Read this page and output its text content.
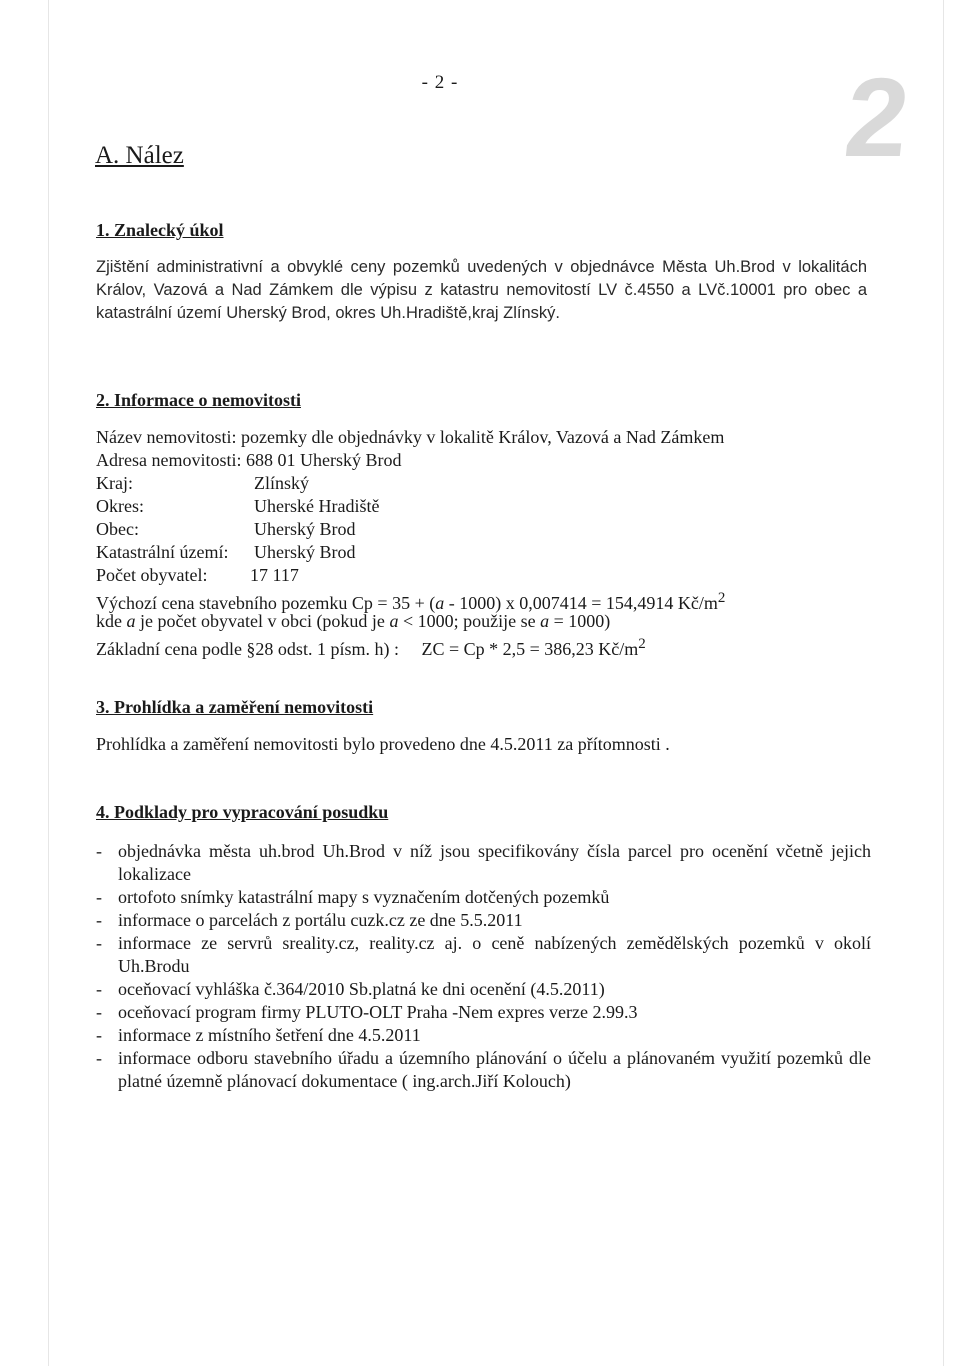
- 2 -	2
A. Nález
1. Znalecký úkol
Zjištění administrativní a obvyklé ceny pozemků uvedených v objednávce Města Uh.Brod v lokalitách Králov, Vazová a Nad Zámkem dle výpisu z katastru nemovitostí LV č.4550 a LVč.10001 pro obec a katastrální území Uherský Brod, okres Uh.Hradiště,kraj Zlínský.
2. Informace o nemovitosti
Název nemovitosti: pozemky dle objednávky v lokalitě Králov, Vazová a Nad Zámkem
Adresa nemovitosti: 688 01 Uherský Brod
Kraj:	Zlínský
Okres:	Uherské Hradiště
Obec:	Uherský Brod
Katastrální území: Uherský Brod
Počet obyvatel: 17 117
Výchozí cena stavebního pozemku Cp = 35 + (a - 1000) x 0,007414 = 154,4914 $Kč/m^2$
kde a je počet obyvatel v obci (pokud je a < 1000; použije se a = 1000)
Základní cena podle §28 odst. 1 písm. h) : ZC = Cp * 2,5 = 386,23 $Kč/m^2$
3. Prohlídka a zaměření nemovitosti
Prohlídka a zaměření nemovitosti bylo provedeno dne 4.5.2011 za přítomnosti .
4. Podklady pro vypracování posudku
- objednávka města uh.brod Uh.Brod v níž jsou specifikovány čísla parcel pro ocenění včetně jejich lokalizace
- ortofoto snímky katastrální mapy s vyznačením dotčených pozemků
- informace o parcelách z portálu cuzk.cz ze dne 5.5.2011
- informace ze servrů sreality.cz, reality.cz aj. o ceně nabízených zemědělských pozemků v okolí Uh.Brodu
- oceňovací vyhláška č.364/2010 Sb.platná ke dni ocenění (4.5.2011)
- oceňovací program firmy PLUTO-OLT Praha -Nem expres verze 2.99.3
- informace z místního šetření dne 4.5.2011
- informace odboru stavebního úřadu a územního plánování o účelu a plánovaném využití pozemků dle platné územně plánovací dokumentace ( ing.arch.Jiří Kolouch)
